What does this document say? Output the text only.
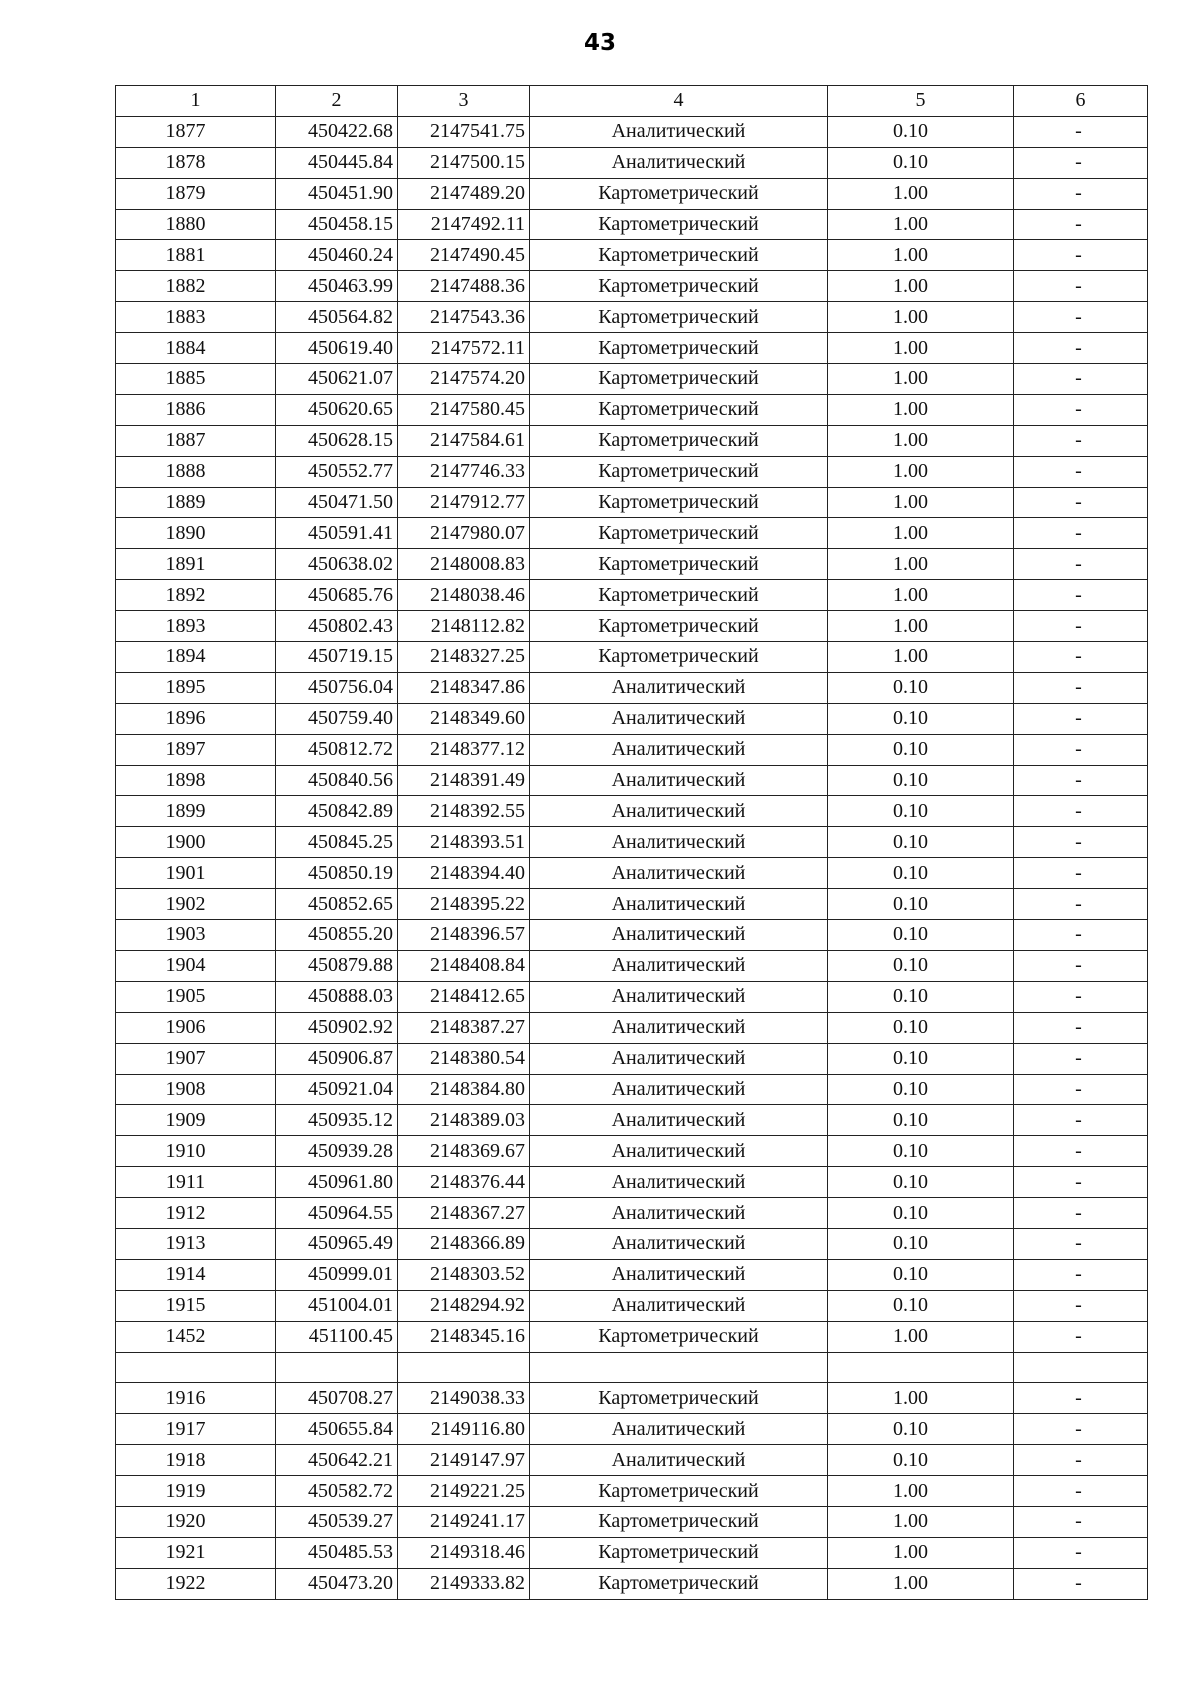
43
1	2	3	4	5	6
1877	450422.68	2147541.75	Аналитический	0.10	-
1878	450445.84	2147500.15	Аналитический	0.10	-
1879	450451.90	2147489.20	Картометрический	1.00	-
1880	450458.15	2147492.11	Картометрический	1.00	-
1881	450460.24	2147490.45	Картометрический	1.00	-
1882	450463.99	2147488.36	Картометрический	1.00	-
1883	450564.82	2147543.36	Картометрический	1.00	-
1884	450619.40	2147572.11	Картометрический	1.00	-
1885	450621.07	2147574.20	Картометрический	1.00	-
1886	450620.65	2147580.45	Картометрический	1.00	-
1887	450628.15	2147584.61	Картометрический	1.00	-
1888	450552.77	2147746.33	Картометрический	1.00	-
1889	450471.50	2147912.77	Картометрический	1.00	-
1890	450591.41	2147980.07	Картометрический	1.00	-
1891	450638.02	2148008.83	Картометрический	1.00	-
1892	450685.76	2148038.46	Картометрический	1.00	-
1893	450802.43	2148112.82	Картометрический	1.00	-
1894	450719.15	2148327.25	Картометрический	1.00	-
1895	450756.04	2148347.86	Аналитический	0.10	-
1896	450759.40	2148349.60	Аналитический	0.10	-
1897	450812.72	2148377.12	Аналитический	0.10	-
1898	450840.56	2148391.49	Аналитический	0.10	-
1899	450842.89	2148392.55	Аналитический	0.10	-
1900	450845.25	2148393.51	Аналитический	0.10	-
1901	450850.19	2148394.40	Аналитический	0.10	-
1902	450852.65	2148395.22	Аналитический	0.10	-
1903	450855.20	2148396.57	Аналитический	0.10	-
1904	450879.88	2148408.84	Аналитический	0.10	-
1905	450888.03	2148412.65	Аналитический	0.10	-
1906	450902.92	2148387.27	Аналитический	0.10	-
1907	450906.87	2148380.54	Аналитический	0.10	-
1908	450921.04	2148384.80	Аналитический	0.10	-
1909	450935.12	2148389.03	Аналитический	0.10	-
1910	450939.28	2148369.67	Аналитический	0.10	-
1911	450961.80	2148376.44	Аналитический	0.10	-
1912	450964.55	2148367.27	Аналитический	0.10	-
1913	450965.49	2148366.89	Аналитический	0.10	-
1914	450999.01	2148303.52	Аналитический	0.10	-
1915	451004.01	2148294.92	Аналитический	0.10	-
1452	451100.45	2148345.16	Картометрический	1.00	-

1916	450708.27	2149038.33	Картометрический	1.00	-
1917	450655.84	2149116.80	Аналитический	0.10	-
1918	450642.21	2149147.97	Аналитический	0.10	-
1919	450582.72	2149221.25	Картометрический	1.00	-
1920	450539.27	2149241.17	Картометрический	1.00	-
1921	450485.53	2149318.46	Картометрический	1.00	-
1922	450473.20	2149333.82	Картометрический	1.00	-
